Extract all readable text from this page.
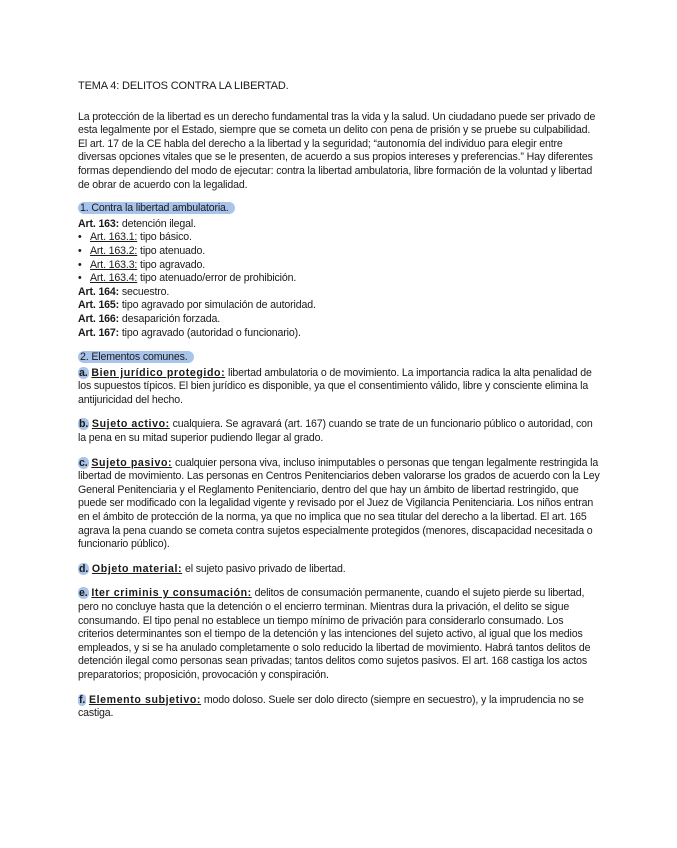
TEMA 4: DELITOS CONTRA LA LIBERTAD.

La protección de la libertad es un derecho fundamental tras la vida y la salud. Un ciudadano puede ser privado de esta legalmente por el Estado, siempre que se cometa un delito con pena de prisión y se pruebe su culpabilidad. El art. 17 de la CE habla del derecho a la libertad y la seguridad; “autonomía del individuo para elegir entre diversas opciones vitales que se le presenten, de acuerdo a sus propios intereses y preferencias.” Hay diferentes formas dependiendo del modo de ejecutar: contra la libertad ambulatoria, libre formación de la voluntad y libertad de obrar de acuerdo con la legalidad.

1. Contra la libertad ambulatoria.

Art. 163: detención ilegal.

• Art. 163.1: tipo básico.
• Art. 163.2: tipo atenuado.
• Art. 163.3: tipo agravado.
• Art. 163.4: tipo atenuado/error de prohibición.

Art. 164: secuestro.

Art. 165: tipo agravado por simulación de autoridad.

Art. 166: desaparición forzada.

Art. 167: tipo agravado (autoridad o funcionario).

2. Elementos comunes.

a. Bien jurídico protegido: libertad ambulatoria o de movimiento. La importancia radica la alta penalidad de los supuestos típicos. El bien jurídico es disponible, ya que el consentimiento válido, libre y consciente elimina la antijuricidad del hecho.

b. Sujeto activo: cualquiera. Se agravará (art. 167) cuando se trate de un funcionario público o autoridad, con la pena en su mitad superior pudiendo llegar al grado.

c. Sujeto pasivo: cualquier persona viva, incluso inimputables o personas que tengan legalmente restringida la libertad de movimiento. Las personas en Centros Penitenciarios deben valorarse los grados de acuerdo con la Ley General Penitenciaria y el Reglamento Penitenciario, dentro del que hay un ámbito de libertad restringido, que puede ser modificado con la legalidad vigente y revisado por el Juez de Vigilancia Penitenciaria. Los niños entran en el ámbito de protección de la norma, ya que no implica que no sea titular del derecho a la libertad. El art. 165 agrava la pena cuando se cometa contra sujetos especialmente protegidos (menores, discapacidad necesitada o funcionario público).

d. Objeto material: el sujeto pasivo privado de libertad.

e. Iter criminis y consumación: delitos de consumación permanente, cuando el sujeto pierde su libertad, pero no concluye hasta que la detención o el encierro terminan. Mientras dura la privación, el delito se sigue consumando. El tipo penal no establece un tiempo mínimo de privación para considerarlo consumado. Los criterios determinantes son el tiempo de la detención y las intenciones del sujeto activo, al igual que los medios empleados, y si se ha anulado completamente o solo reducido la libertad de movimiento. Habrá tantos delitos de detención ilegal como personas sean privadas; tantos delitos como sujetos pasivos. El art. 168 castiga los actos preparatorios; proposición, provocación y conspiración.

f. Elemento subjetivo: modo doloso. Suele ser dolo directo (siempre en secuestro), y la imprudencia no se castiga.
